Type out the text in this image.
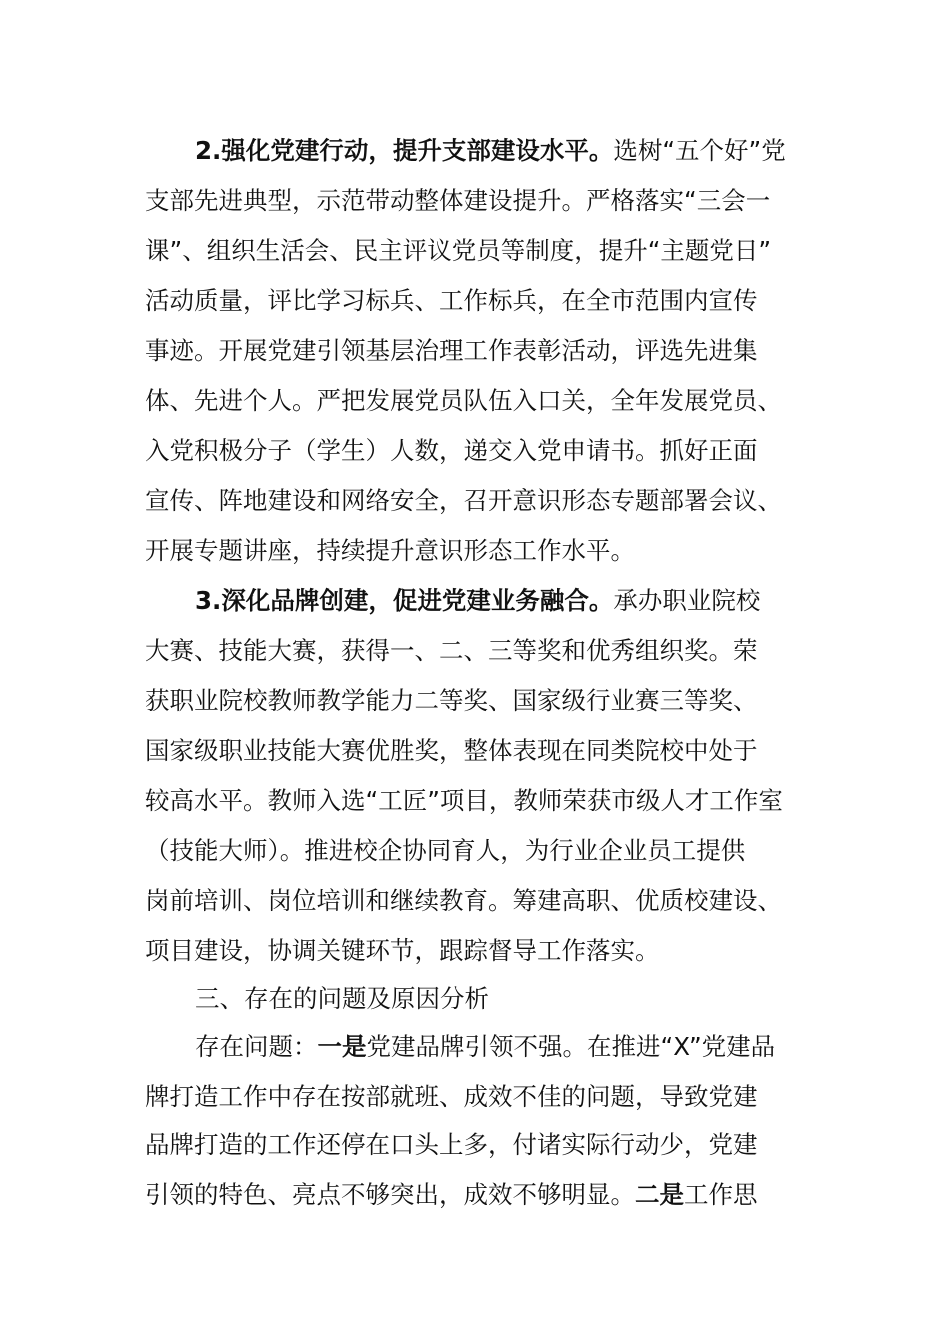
2.强化党建行动，提升支部建设水平。选树“五个好”党
支部先进典型，示范带动整体建设提升。严格落实“三会一
课”、组织生活会、民主评议党员等制度，提升“主题党日”
活动质量，评比学习标兵、工作标兵，在全市范围内宣传
事迹。开展党建引领基层治理工作表彰活动，评选先进集
体、先进个人。严把发展党员队伍入口关，全年发展党员、
入党积极分子（学生）人数，递交入党申请书。抓好正面
宣传、阵地建设和网络安全，召开意识形态专题部署会议、
开展专题讲座，持续提升意识形态工作水平。
3.深化品牌创建，促进党建业务融合。承办职业院校
大赛、技能大赛，获得一、二、三等奖和优秀组织奖。荣
获职业院校教师教学能力二等奖、国家级行业赛三等奖、
国家级职业技能大赛优胜奖，整体表现在同类院校中处于
较高水平。教师入选“工匠”项目，教师荣获市级人才工作室
（技能大师）。推进校企协同育人，为行业企业员工提供
岗前培训、岗位培训和继续教育。筹建高职、优质校建设、
项目建设，协调关键环节，跟踪督导工作落实。
三、存在的问题及原因分析
存在问题：一是党建品牌引领不强。在推进“X”党建品
牌打造工作中存在按部就班、成效不佳的问题，导致党建
品牌打造的工作还停在口头上多，付诸实际行动少，党建
引领的特色、亮点不够突出，成效不够明显。二是工作思
